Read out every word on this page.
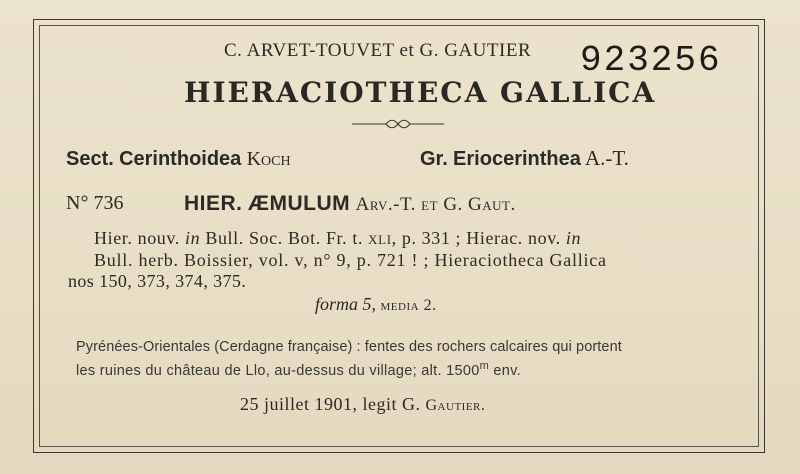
C. ARVET-TOUVET et G. GAUTIER 923256
HIERACIOTHECA GALLICA
Sect. Cerinthoidea Koch	Gr. Eriocerinthea A.-T.
N° 736	HIER. ÆMULUM Arv.-T. et G. Gaut.
Hier. nouv. in Bull. Soc. Bot. Fr. t. xli, p. 331 ; Hierac. nov. in
Bull. herb. Boissier, vol. v, n° 9, p. 721 ! ; Hieraciotheca Gallica
nos 150, 373, 374, 375.
forma 5, media 2.
Pyrénées-Orientales (Cerdagne française) : fentes des rochers calcaires qui portent
les ruines du château de Llo, au-dessus du village; alt. 1500$^m$ env.
25 juillet 1901, legit G. Gautier.
